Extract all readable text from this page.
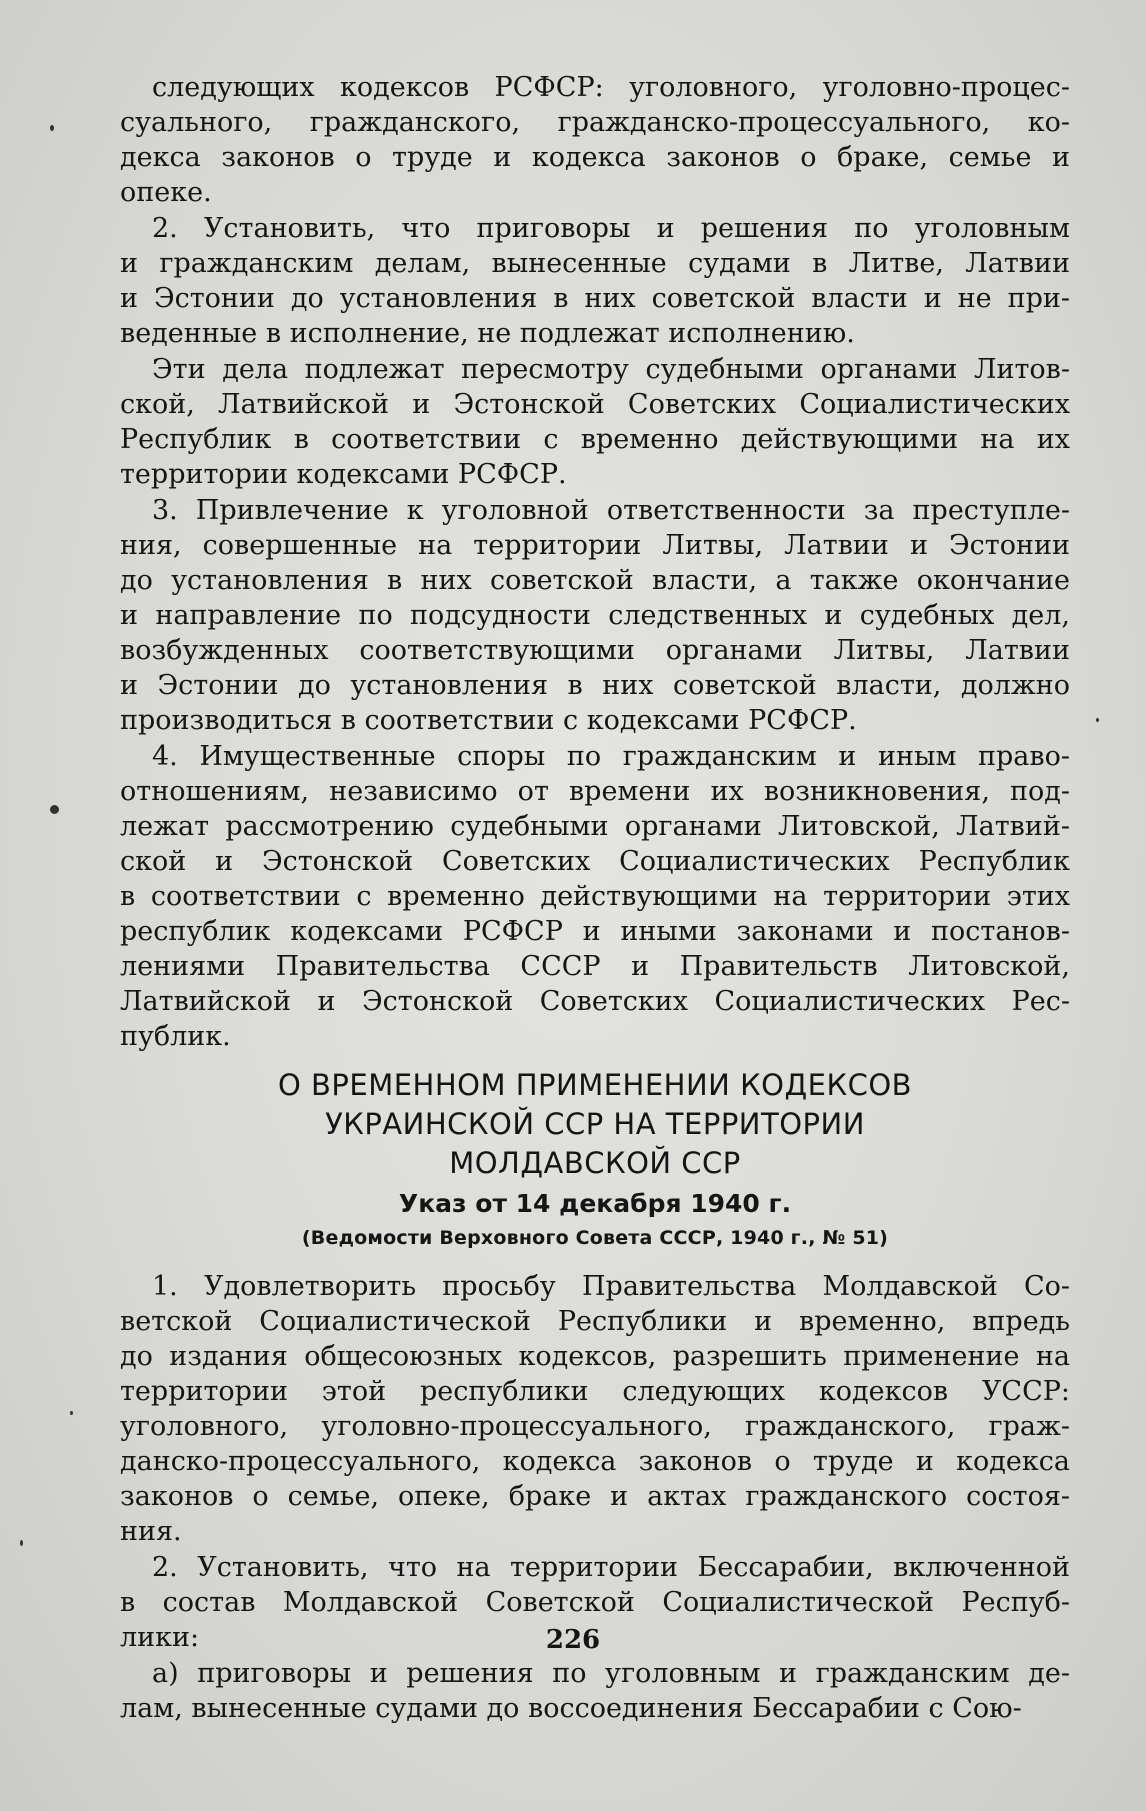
следующих кодексов РСФСР: уголовного, уголовно-процес-
суального, гражданского, гражданско-процессуального, ко-
декса законов о труде и кодекса законов о браке, семье и
опеке.
2. Установить, что приговоры и решения по уголовным
и гражданским делам, вынесенные судами в Литве, Латвии
и Эстонии до установления в них советской власти и не при-
веденные в исполнение, не подлежат исполнению.
Эти дела подлежат пересмотру судебными органами Литов-
ской, Латвийской и Эстонской Советских Социалистических
Республик в соответствии с временно действующими на их
территории кодексами РСФСР.
3. Привлечение к уголовной ответственности за преступле-
ния, совершенные на территории Литвы, Латвии и Эстонии
до установления в них советской власти, а также окончание
и направление по подсудности следственных и судебных дел,
возбужденных соответствующими органами Литвы, Латвии
и Эстонии до установления в них советской власти, должно
производиться в соответствии с кодексами РСФСР.
4. Имущественные споры по гражданским и иным право-
отношениям, независимо от времени их возникновения, под-
лежат рассмотрению судебными органами Литовской, Латвий-
ской и Эстонской Советских Социалистических Республик
в соответствии с временно действующими на территории этих
республик кодексами РСФСР и иными законами и постанов-
лениями Правительства СССР и Правительств Литовской,
Латвийской и Эстонской Советских Социалистических Рес-
публик.
О ВРЕМЕННОМ ПРИМЕНЕНИИ КОДЕКСОВ
УКРАИНСКОЙ ССР НА ТЕРРИТОРИИ
МОЛДАВСКОЙ ССР
Указ от 14 декабря 1940 г.
(Ведомости Верховного Совета СССР, 1940 г., № 51)
1. Удовлетворить просьбу Правительства Молдавской Со-
ветской Социалистической Республики и временно, впредь
до издания общесоюзных кодексов, разрешить применение на
территории этой республики следующих кодексов УССР:
уголовного, уголовно-процессуального, гражданского, граж-
данско-процессуального, кодекса законов о труде и кодекса
законов о семье, опеке, браке и актах гражданского состоя-
ния.
2. Установить, что на территории Бессарабии, включенной
в состав Молдавской Советской Социалистической Респуб-
лики:
а) приговоры и решения по уголовным и гражданским де-
лам, вынесенные судами до воссоединения Бессарабии с Сою-
226
